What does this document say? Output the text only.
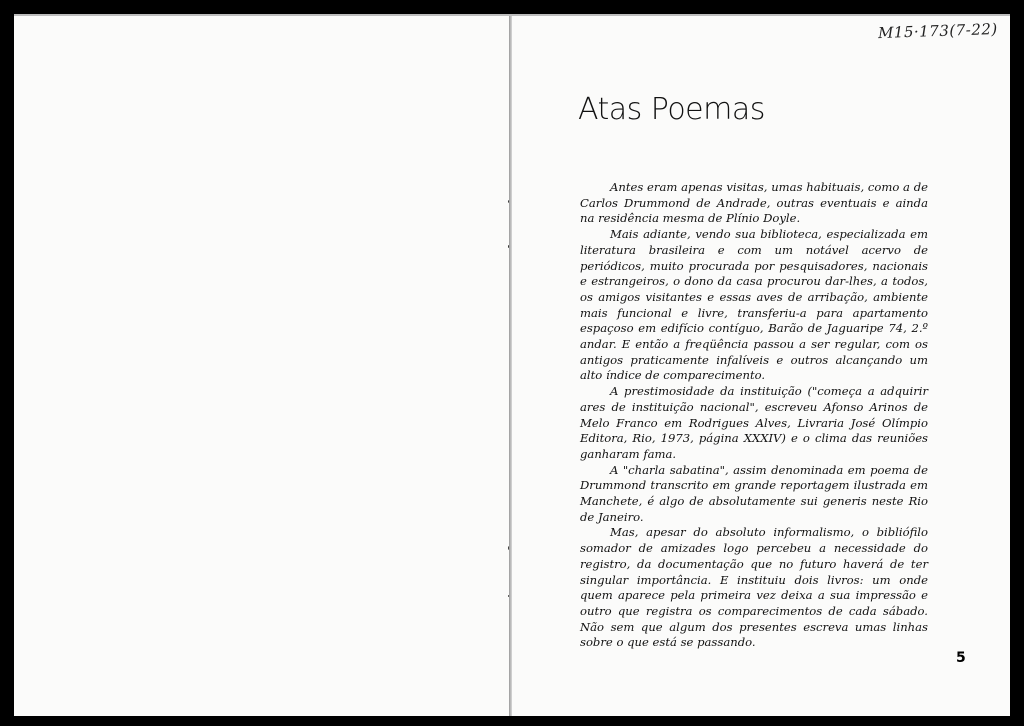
M15·173(7-22)
Atas Poemas

Antes eram apenas visitas, umas habituais, como a de Carlos Drummond de Andrade, outras eventuais e ainda na residência mesma de Plínio Doyle.

Mais adiante, vendo sua biblioteca, especializada em literatura brasileira e com um notável acervo de periódicos, muito procurada por pesquisadores, nacionais e estrangeiros, o dono da casa procurou dar-lhes, a todos, os amigos visitantes e essas aves de arribação, ambiente mais funcional e livre, transferiu-a para apartamento espaçoso em edifício contíguo, Barão de Jaguaripe 74, 2.º andar. E então a freqüência passou a ser regular, com os antigos praticamente infalíveis e outros alcançando um alto índice de comparecimento.

A prestimosidade da instituição ("começa a adquirir ares de instituição nacional", escreveu Afonso Arinos de Melo Franco em Rodrigues Alves, Livraria José Olímpio Editora, Rio, 1973, página XXXIV) e o clima das reuniões ganharam fama.

A "charla sabatina", assim denominada em poema de Drummond transcrito em grande reportagem ilustrada em Manchete, é algo de absolutamente sui generis neste Rio de Janeiro.

Mas, apesar do absoluto informalismo, o bibliófilo somador de amizades logo percebeu a necessidade do registro, da documentação que no futuro haverá de ter singular importância. E instituiu dois livros: um onde quem aparece pela primeira vez deixa a sua impressão e outro que registra os comparecimentos de cada sábado. Não sem que algum dos presentes escreva umas linhas sobre o que está se passando.

5
